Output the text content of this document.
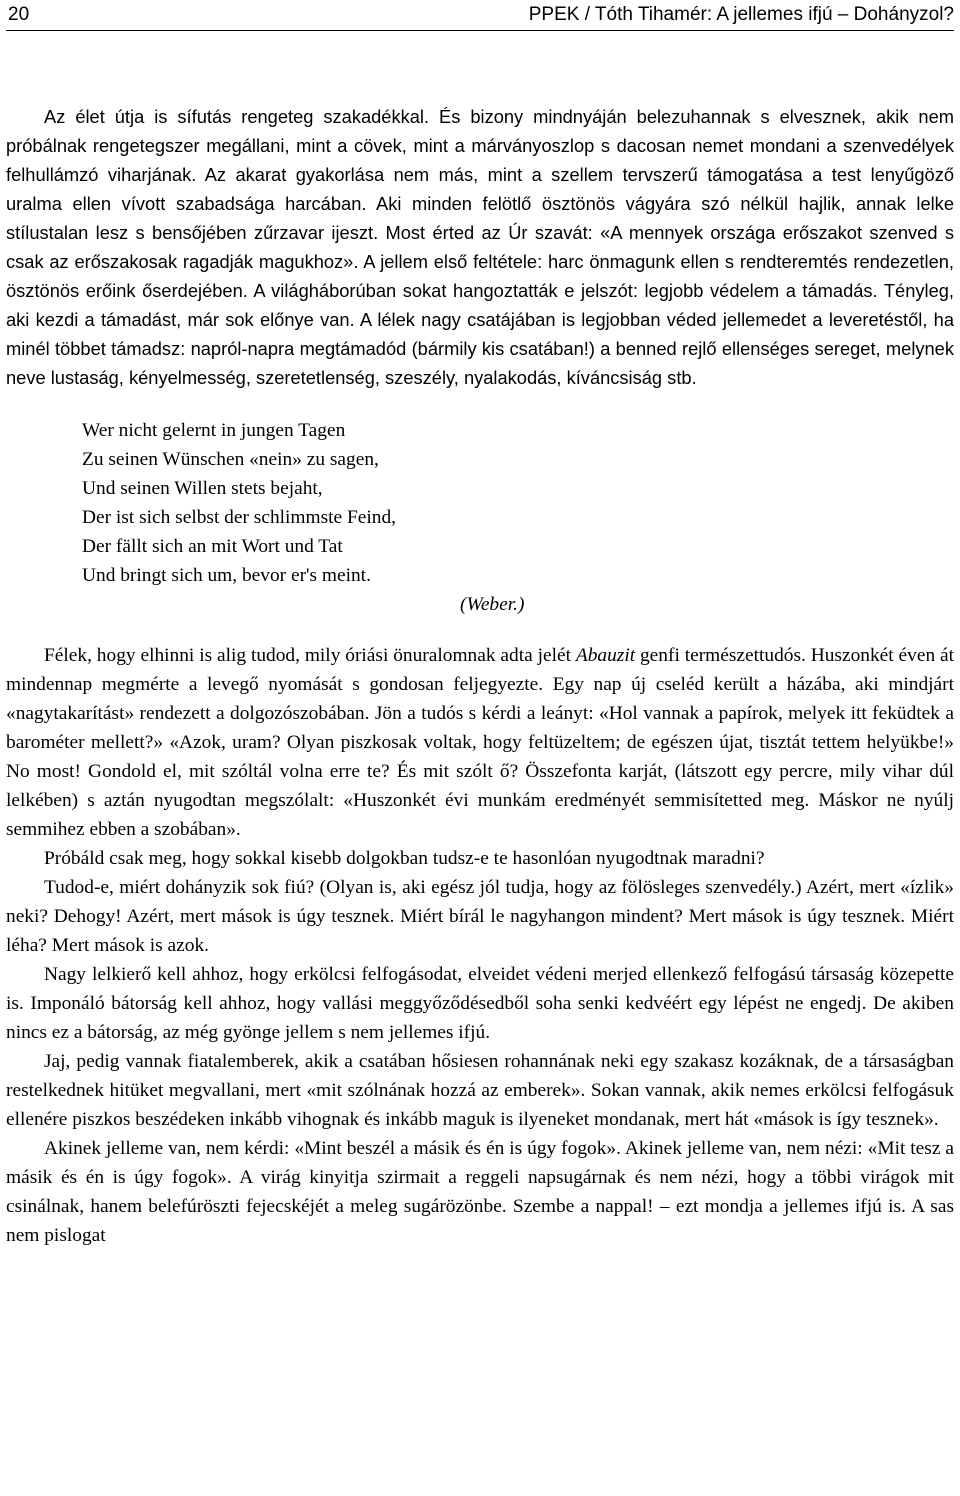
20	PPEK / Tóth Tihamér: A jellemes ifjú – Dohányzol?

Az élet útja is sífutás rengeteg szakadékkal. És bizony mindnyáján belezuhannak s elvesznek, akik nem próbálnak rengetegszer megállani, mint a cövek, mint a márványoszlop s dacosan nemet mondani a szenvedélyek felhullámzó viharjának. Az akarat gyakorlása nem más, mint a szellem tervszerű támogatása a test lenyűgöző uralma ellen vívott szabadsága harcában. Aki minden felötlő ösztönös vágyára szó nélkül hajlik, annak lelke stílustalan lesz s bensőjében zűrzavar ijeszt. Most érted az Úr szavát: «A mennyek országa erőszakot szenved s csak az erőszakosak ragadják magukhoz». A jellem első feltétele: harc önmagunk ellen s rendteremtés rendezetlen, ösztönös erőink őserdejében. A világháborúban sokat hangoztatták e jelszót: legjobb védelem a támadás. Tényleg, aki kezdi a támadást, már sok előnye van. A lélek nagy csatájában is legjobban véded jellemedet a leveretéstől, ha minél többet támadsz: napról-napra megtámadód (bármily kis csatában!) a benned rejlő ellenséges sereget, melynek neve lustaság, kényelmesség, szeretetlenség, szeszély, nyalakodás, kíváncsiság stb.

Wer nicht gelernt in jungen Tagen
Zu seinen Wünschen «nein» zu sagen,
Und seinen Willen stets bejaht,
Der ist sich selbst der schlimmste Feind,
Der fällt sich an mit Wort und Tat
Und bringt sich um, bevor er's meint.
(Weber.)

Félek, hogy elhinni is alig tudod, mily óriási önuralomnak adta jelét Abauzit genfi természettudós. Huszonkét éven át mindennap megmérte a levegő nyomását s gondosan feljegyezte. Egy nap új cseléd került a házába, aki mindjárt «nagytakarítást» rendezett a dolgozószobában. Jön a tudós s kérdi a leányt: «Hol vannak a papírok, melyek itt feküdtek a barométer mellett?» «Azok, uram? Olyan piszkosak voltak, hogy feltüzeltem; de egészen újat, tisztát tettem helyükbe!» No most! Gondold el, mit szóltál volna erre te? És mit szólt ő? Összefonta karját, (látszott egy percre, mily vihar dúl lelkében) s aztán nyugodtan megszólalt: «Huszonkét évi munkám eredményét semmisítetted meg. Máskor ne nyúlj semmihez ebben a szobában».

Próbáld csak meg, hogy sokkal kisebb dolgokban tudsz-e te hasonlóan nyugodtnak maradni?

Tudod-e, miért dohányzik sok fiú? (Olyan is, aki egész jól tudja, hogy az fölösleges szenvedély.) Azért, mert «ízlik» neki? Dehogy! Azért, mert mások is úgy tesznek. Miért bírál le nagyhangon mindent? Mert mások is úgy tesznek. Miért léha? Mert mások is azok.

Nagy lelkierő kell ahhoz, hogy erkölcsi felfogásodat, elveidet védeni merjed ellenkező felfogású társaság közepette is. Imponáló bátorság kell ahhoz, hogy vallási meggyőződésedből soha senki kedvéért egy lépést ne engedj. De akiben nincs ez a bátorság, az még gyönge jellem s nem jellemes ifjú.

Jaj, pedig vannak fiatalemberek, akik a csatában hősiesen rohannának neki egy szakasz kozáknak, de a társaságban restelkednek hitüket megvallani, mert «mit szólnának hozzá az emberek». Sokan vannak, akik nemes erkölcsi felfogásuk ellenére piszkos beszédeken inkább vihognak és inkább maguk is ilyeneket mondanak, mert hát «mások is így tesznek».

Akinek jelleme van, nem kérdi: «Mint beszél a másik és én is úgy fogok». Akinek jelleme van, nem nézi: «Mit tesz a másik és én is úgy fogok». A virág kinyitja szirmait a reggeli napsugárnak és nem nézi, hogy a többi virágok mit csinálnak, hanem belefúröszti fejecskéjét a meleg sugárözönbe. Szembe a nappal! – ezt mondja a jellemes ifjú is. A sas nem pislogat
